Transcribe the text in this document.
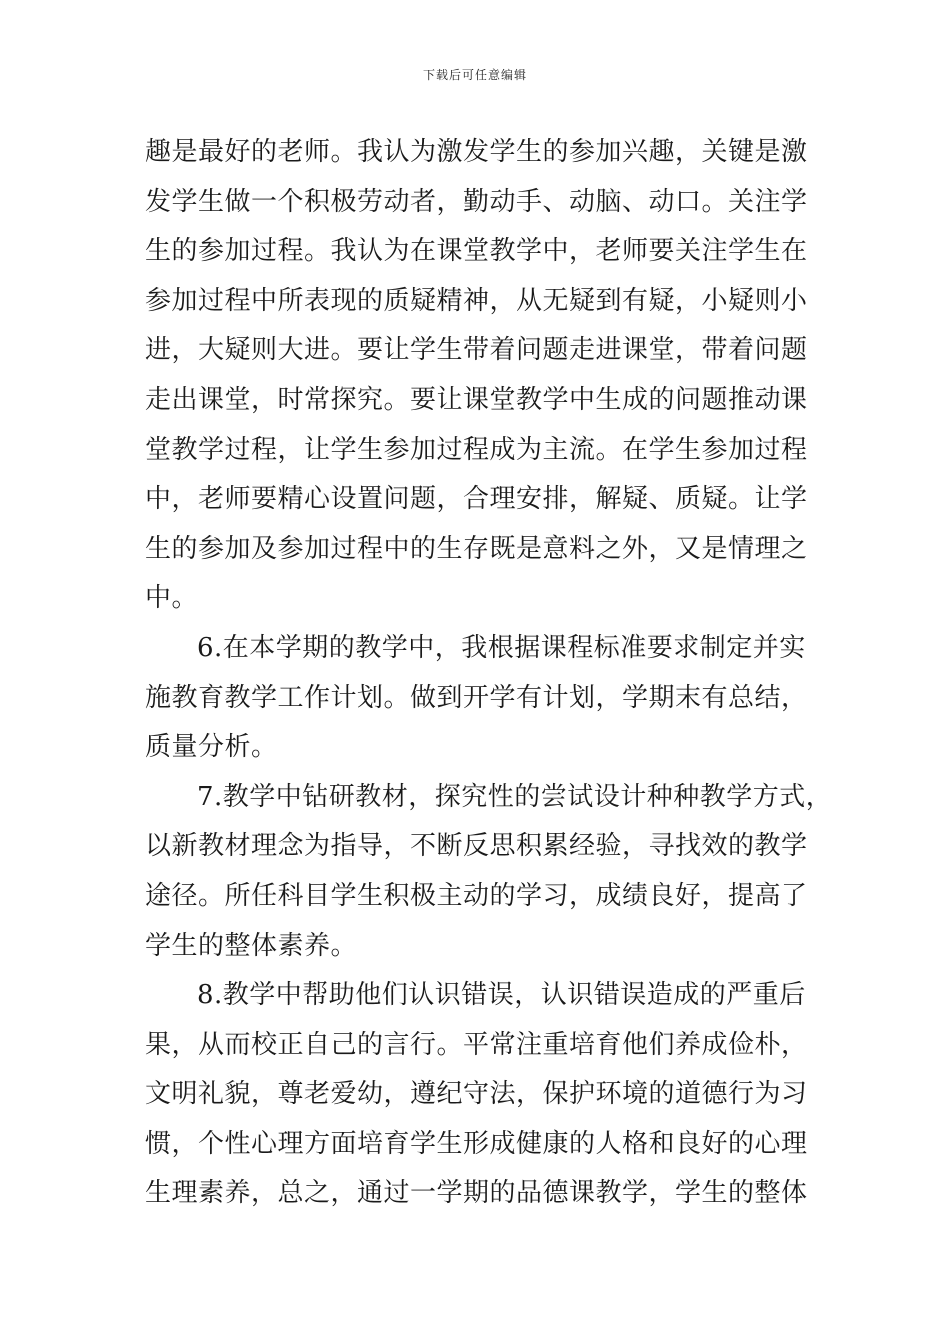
下载后可任意编辑
趣是最好的老师。我认为激发学生的参加兴趣，关键是激
发学生做一个积极劳动者，勤动手、动脑、动口。关注学
生的参加过程。我认为在课堂教学中，老师要关注学生在
参加过程中所表现的质疑精神，从无疑到有疑，小疑则小
进，大疑则大进。要让学生带着问题走进课堂，带着问题
走出课堂，时常探究。要让课堂教学中生成的问题推动课
堂教学过程，让学生参加过程成为主流。在学生参加过程
中，老师要精心设置问题，合理安排，解疑、质疑。让学
生的参加及参加过程中的生存既是意料之外，又是情理之
中。
6.在本学期的教学中，我根据课程标准要求制定并实
施教育教学工作计划。做到开学有计划，学期末有总结，
质量分析。
7.教学中钻研教材，探究性的尝试设计种种教学方式，
以新教材理念为指导，不断反思积累经验，寻找效的教学
途径。所任科目学生积极主动的学习，成绩良好，提高了
学生的整体素养。
8.教学中帮助他们认识错误，认识错误造成的严重后
果，从而校正自己的言行。平常注重培育他们养成俭朴，
文明礼貌，尊老爱幼，遵纪守法，保护环境的道德行为习
惯，个性心理方面培育学生形成健康的人格和良好的心理
生理素养，总之，通过一学期的品德课教学，学生的整体
